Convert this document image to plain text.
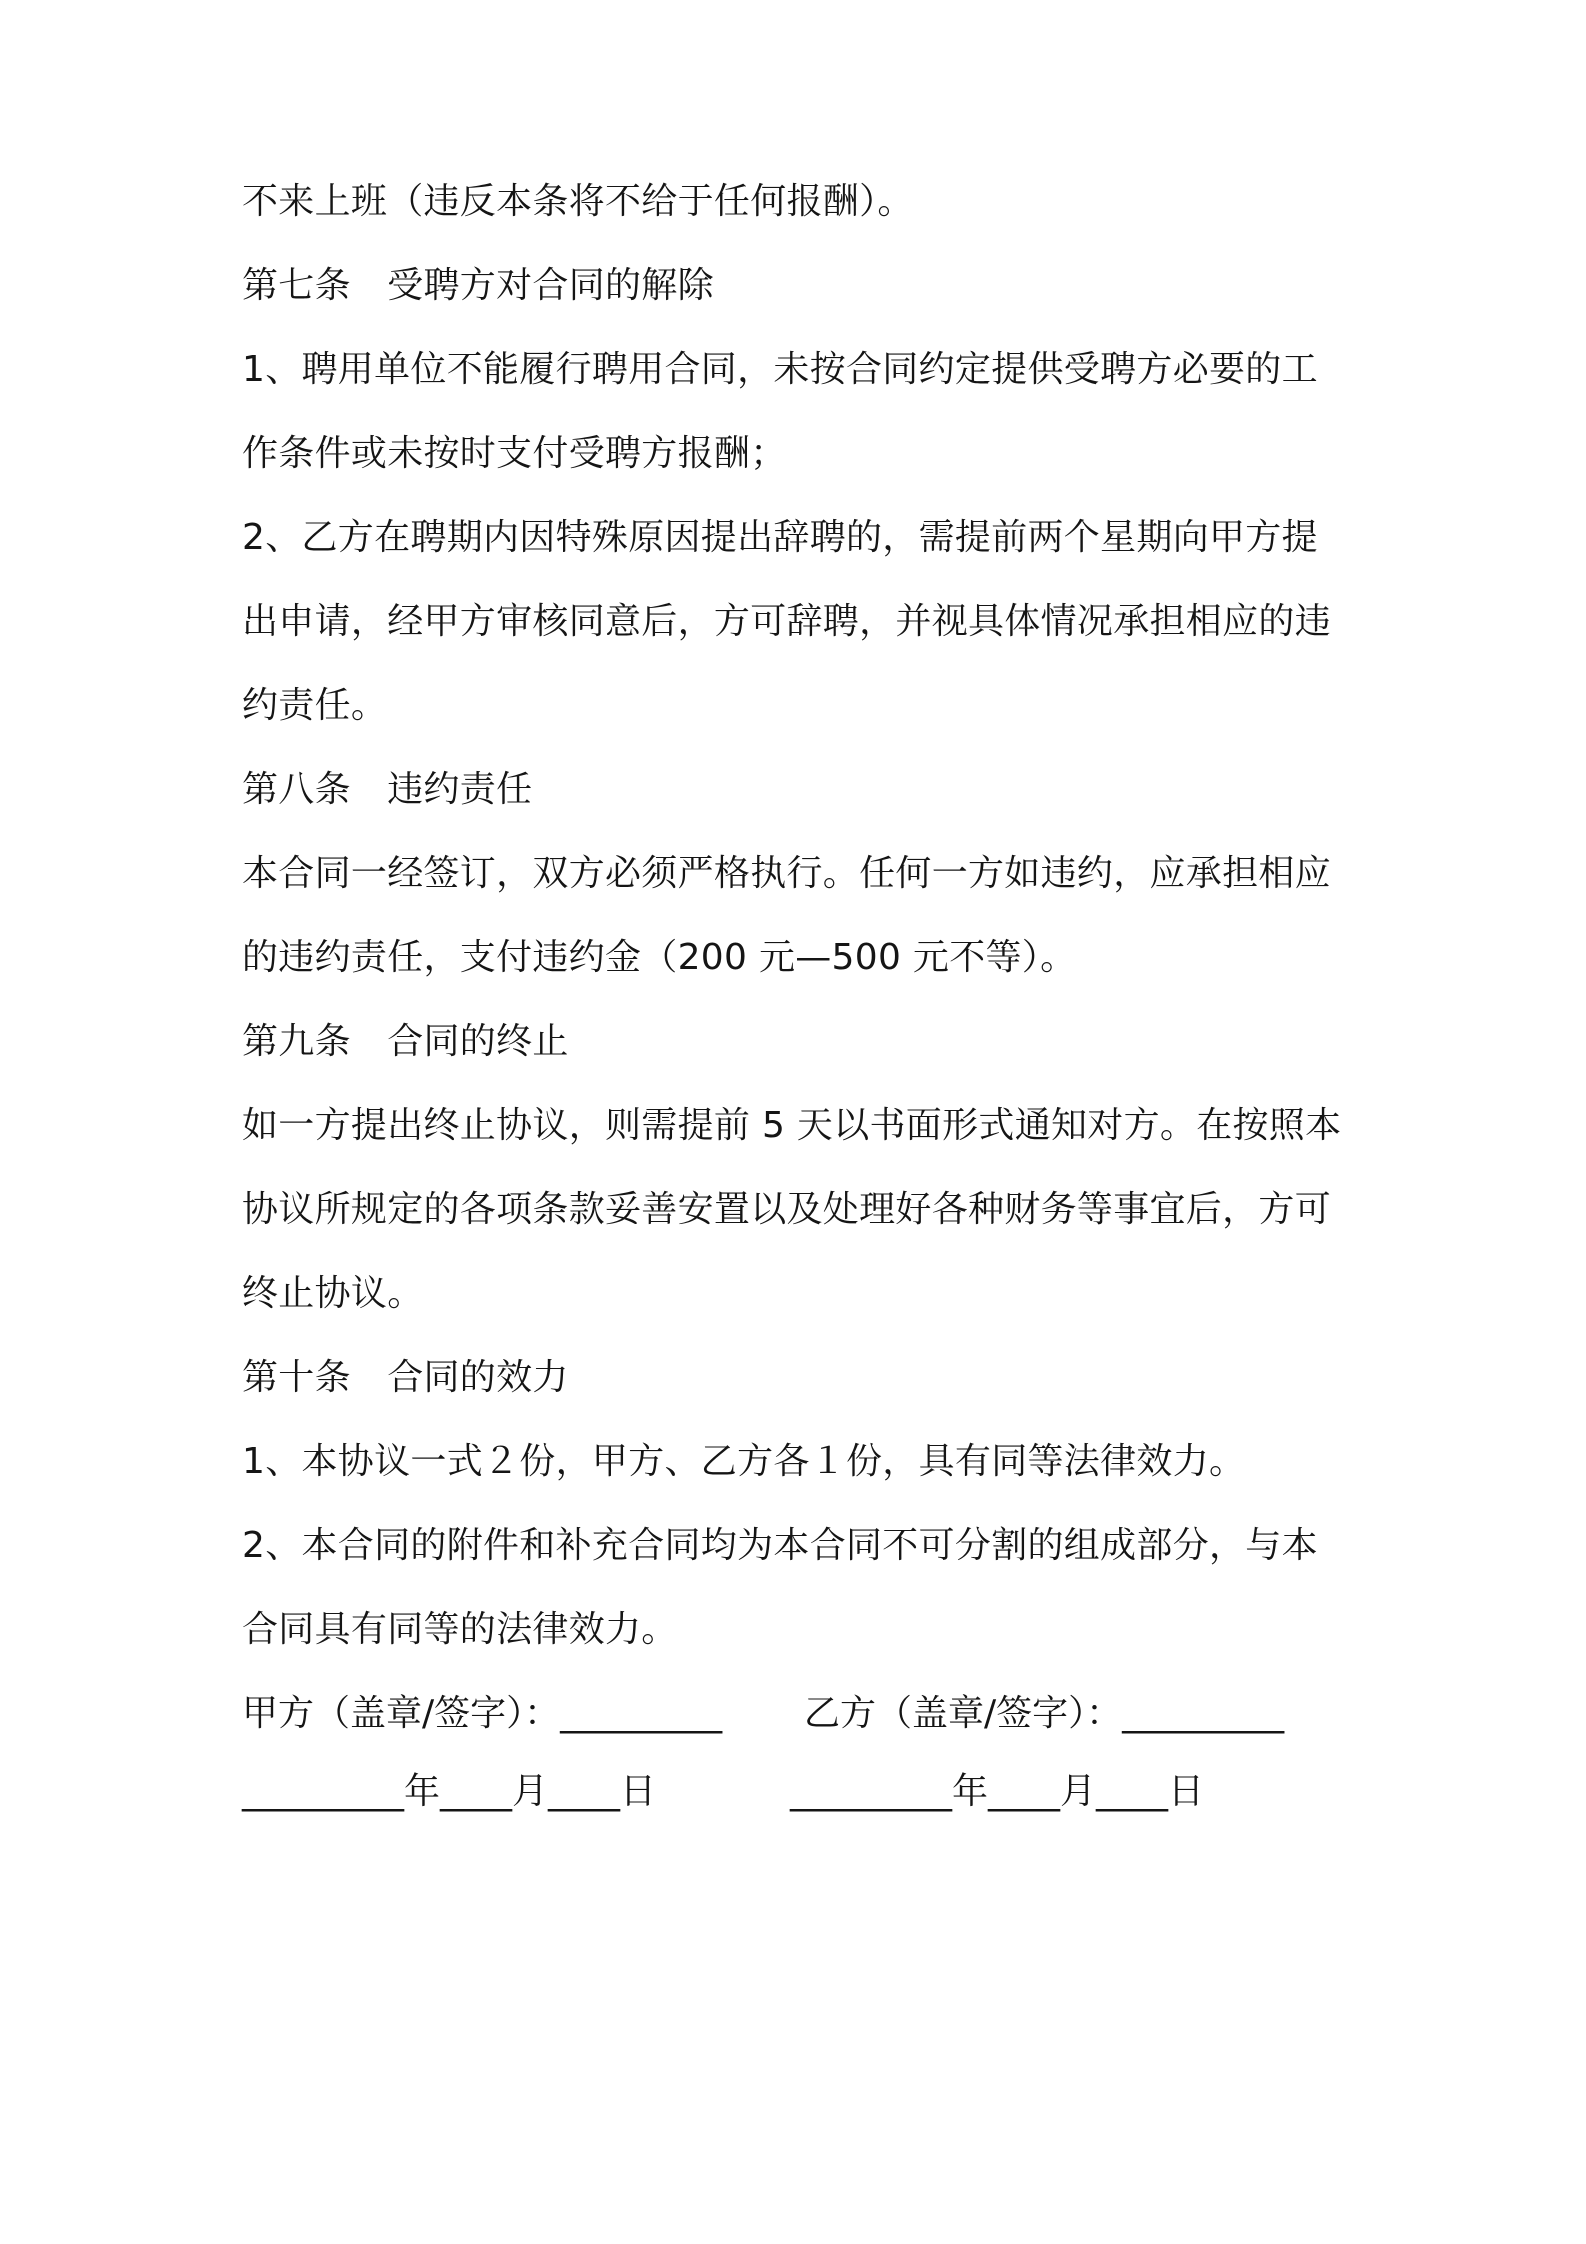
不来上班（违反本条将不给于任何报酬）。
第七条　受聘方对合同的解除
1、聘用单位不能履行聘用合同，未按合同约定提供受聘方必要的工
作条件或未按时支付受聘方报酬；
2、乙方在聘期内因特殊原因提出辞聘的，需提前两个星期向甲方提
出申请，经甲方审核同意后，方可辞聘，并视具体情况承担相应的违
约责任。
第八条　违约责任
本合同一经签订，双方必须严格执行。任何一方如违约，应承担相应
的违约责任，支付违约金（200 元—500 元不等）。
第九条　合同的终止
如一方提出终止协议，则需提前 5 天以书面形式通知对方。在按照本
协议所规定的各项条款妥善安置以及处理好各种财务等事宜后，方可
终止协议。
第十条　合同的效力
1、本协议一式２份，甲方、乙方各１份，具有同等法律效力。
2、本合同的附件和补充合同均为本合同不可分割的组成部分，与本
合同具有同等的法律效力。

甲方（盖章/签字）：_________

乙方（盖章/签字）：_________

_________年____月____日

	_________年____月____日
